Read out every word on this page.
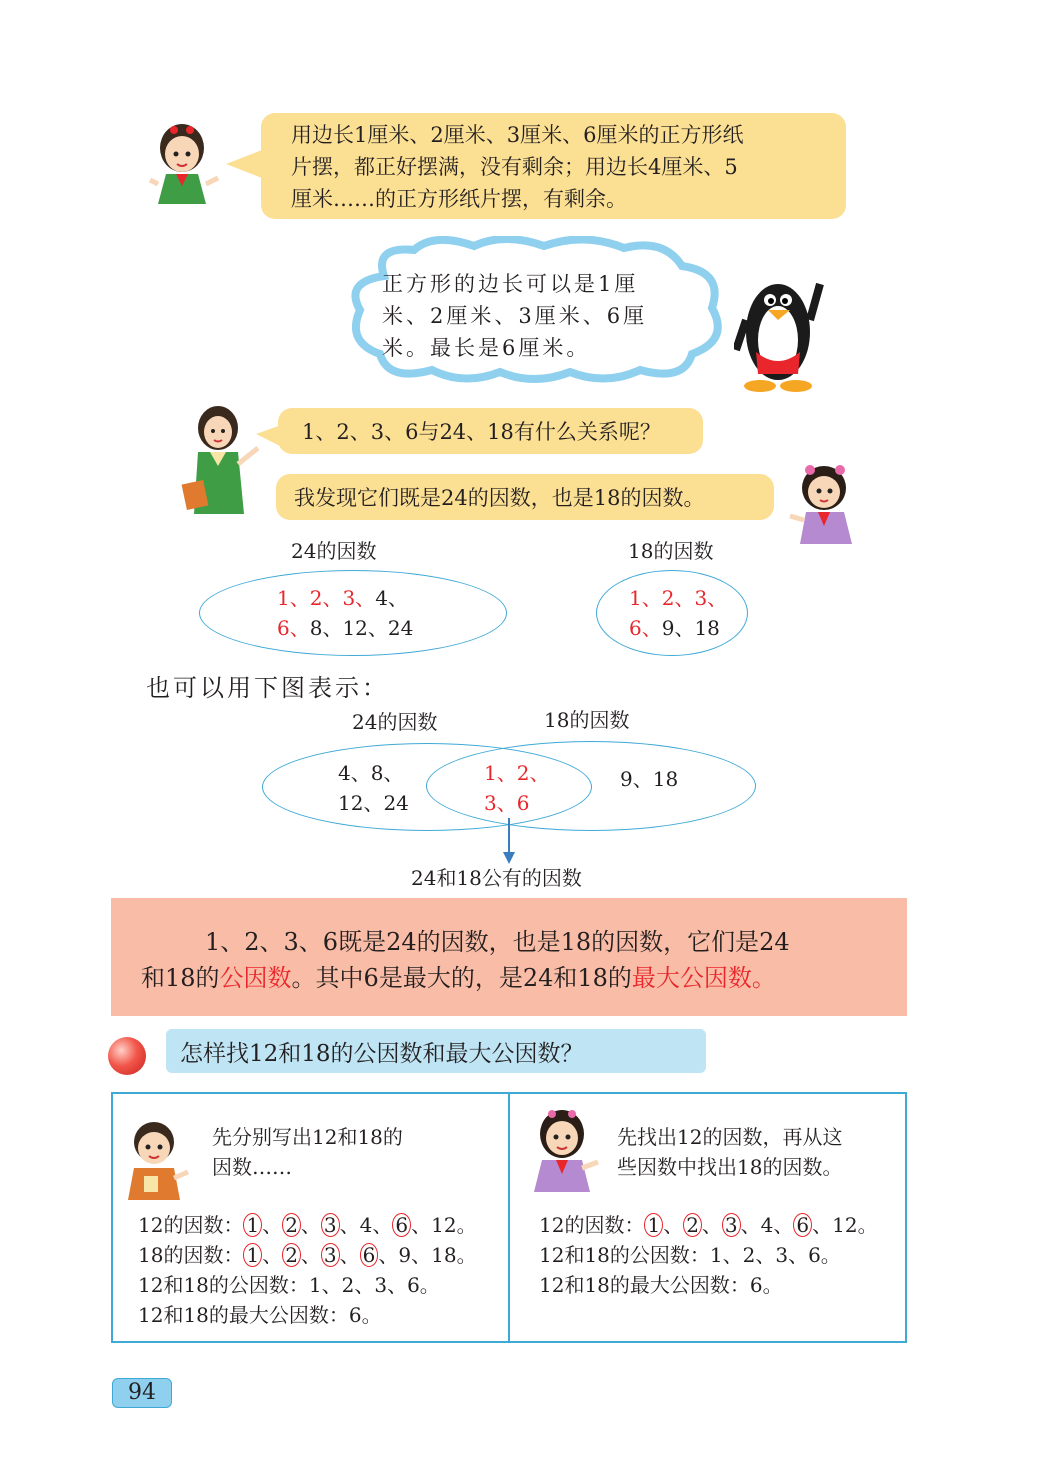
用边长1厘米、2厘米、3厘米、6厘米的正方形纸
片摆，都正好摆满，没有剩余；用边长4厘米、5
厘米……的正方形纸片摆，有剩余。
正方形的边长可以是1厘
米、2厘米、3厘米、6厘
米。最长是6厘米。
1、2、3、6与24、18有什么关系呢？
我发现它们既是24的因数，也是18的因数。
24的因数	18的因数
1、2、3、4、
6、8、12、24
1、2、3、
6、9、18
也可以用下图表示：
24的因数	18的因数
4、8、
12、24
1、2、
3、6
9、18
24和18公有的因数
1、2、3、6既是24的因数，也是18的因数，它们是24
和18的公因数。其中6是最大的，是24和18的最大公因数。
怎样找12和18的公因数和最大公因数？
先分别写出12和18的
因数……
12的因数： 1 、 2 、 3 、4、 6 、12。
18的因数： 1 、 2 、 3 、 6 、9、18。
12和18的公因数：1、2、3、6。
12和18的最大公因数：6。
先找出12的因数，再从这
些因数中找出18的因数。
12的因数： 1 、 2 、 3 、4、 6 、12。
12和18的公因数：1、2、3、6。
12和18的最大公因数：6。
94
